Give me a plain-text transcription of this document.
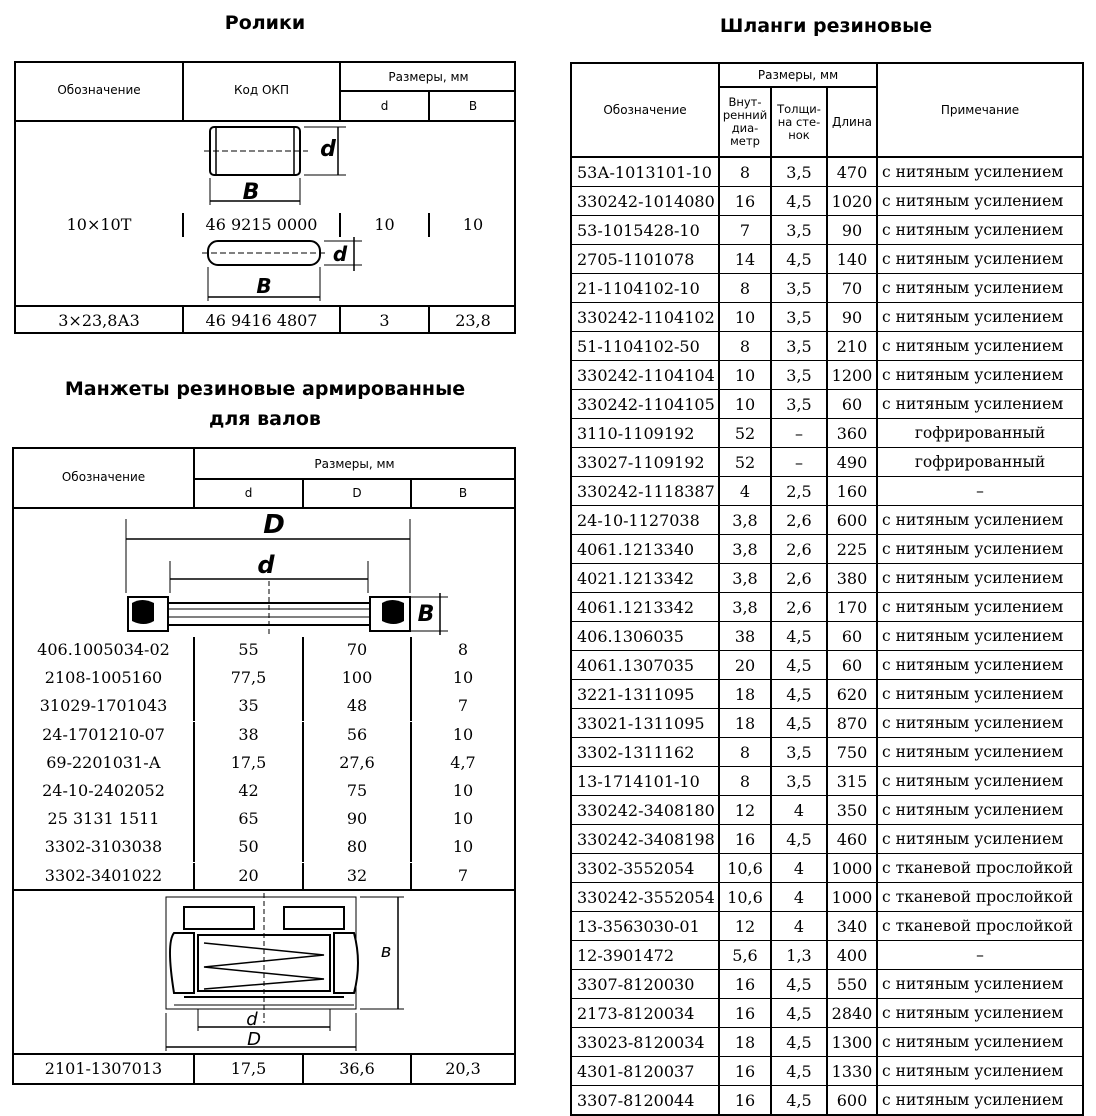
Ролики
Обозначение	Код ОКП
Размеры, мм
d	B
B
d
10×10Т	46 9215 0000	10	10
B
d
3×23,8А3	46 9416 4807	3	23,8
Манжеты резиновые армированные
для валов
Обозначение
Размеры, мм
d	D	B
D
d
B
406.1005034-02	55	70	8
2108-1005160	77,5	100	10
31029-1701043	35	48	7
24-1701210-07	38	56	10
69-2201031-А	17,5	27,6	4,7
24-10-2402052	42	75	10
25 3131 1511	65	90	10
3302-3103038	50	80	10
3302-3401022	20	32	7
d
D
в
2101-1307013	17,5	36,6	20,3
Шланги резиновые
Обозначение	Размеры, мм			Примечание
	Внут-ренний диа-метр	Толщи-на сте-нок	Длина	
53А-1013101-10	8	3,5	470	с нитяным усилением
330242-1014080	16	4,5	1020	с нитяным усилением
53-1015428-10	7	3,5	90	с нитяным усилением
2705-1101078	14	4,5	140	с нитяным усилением
21-1104102-10	8	3,5	70	с нитяным усилением
330242-1104102	10	3,5	90	с нитяным усилением
51-1104102-50	8	3,5	210	с нитяным усилением
330242-1104104	10	3,5	1200	с нитяным усилением
330242-1104105	10	3,5	60	с нитяным усилением
3110-1109192	52	–	360	гофрированный
33027-1109192	52	–	490	гофрированный
330242-1118387	4	2,5	160	–
24-10-1127038	3,8	2,6	600	с нитяным усилением
4061.1213340	3,8	2,6	225	с нитяным усилением
4021.1213342	3,8	2,6	380	с нитяным усилением
4061.1213342	3,8	2,6	170	с нитяным усилением
406.1306035	38	4,5	60	с нитяным усилением
4061.1307035	20	4,5	60	с нитяным усилением
3221-1311095	18	4,5	620	с нитяным усилением
33021-1311095	18	4,5	870	с нитяным усилением
3302-1311162	8	3,5	750	с нитяным усилением
13-1714101-10	8	3,5	315	с нитяным усилением
330242-3408180	12	4	350	с нитяным усилением
330242-3408198	16	4,5	460	с нитяным усилением
3302-3552054	10,6	4	1000	с тканевой прослойкой
330242-3552054	10,6	4	1000	с тканевой прослойкой
13-3563030-01	12	4	340	с тканевой прослойкой
12-3901472	5,6	1,3	400	–
3307-8120030	16	4,5	550	с нитяным усилением
2173-8120034	16	4,5	2840	с нитяным усилением
33023-8120034	18	4,5	1300	с нитяным усилением
4301-8120037	16	4,5	1330	с нитяным усилением
3307-8120044	16	4,5	600	с нитяным усилением
